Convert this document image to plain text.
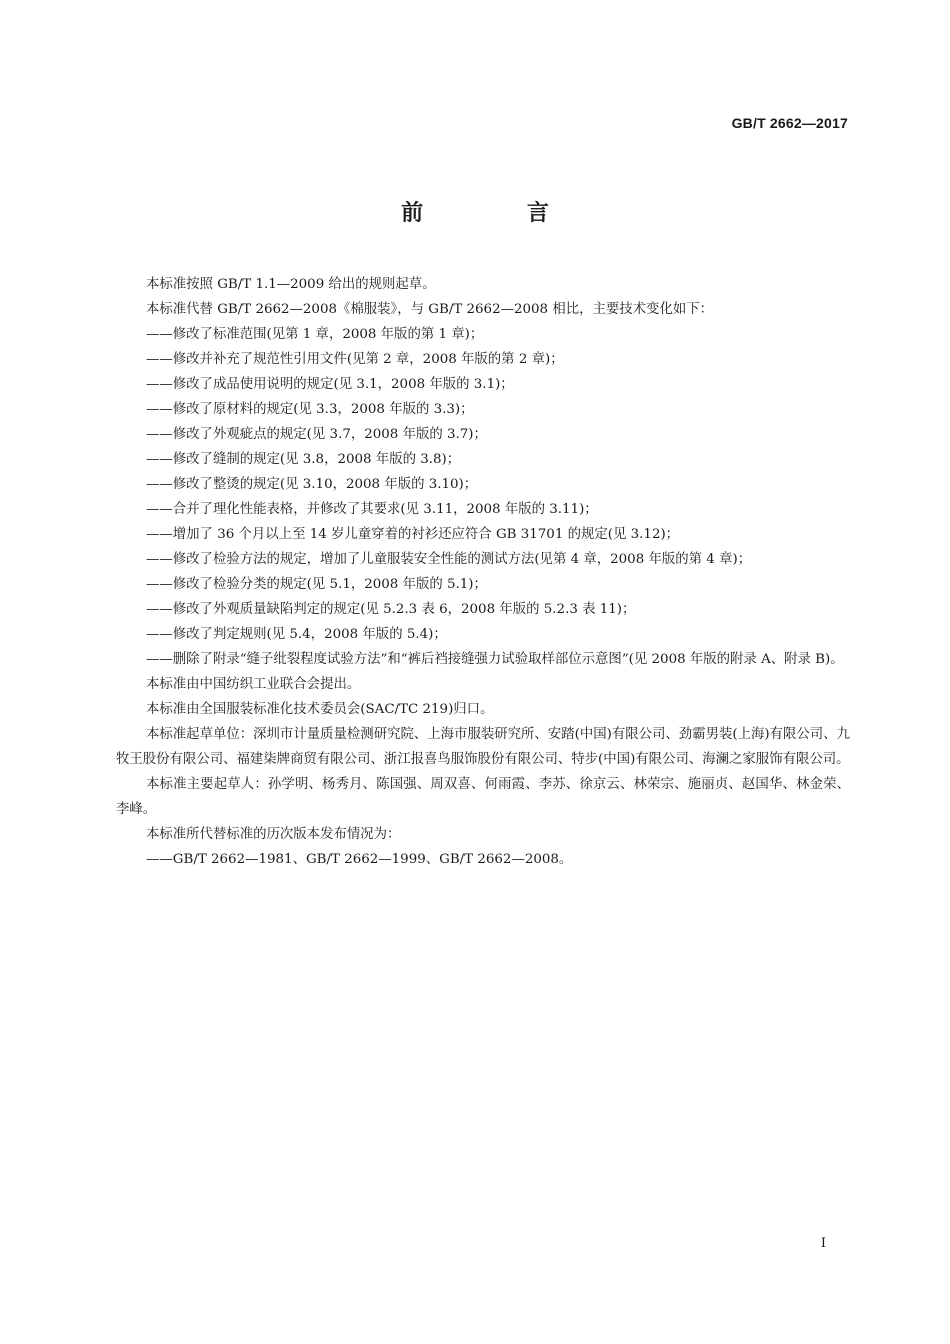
GB/T 2662—2017
前 言

本标准按照 GB/T 1.1—2009 给出的规则起草。

本标准代替 GB/T 2662—2008《棉服装》，与 GB/T 2662—2008 相比，主要技术变化如下：

——修改了标准范围(见第 1 章，2008 年版的第 1 章)；

——修改并补充了规范性引用文件(见第 2 章，2008 年版的第 2 章)；

——修改了成品使用说明的规定(见 3.1，2008 年版的 3.1)；

——修改了原材料的规定(见 3.3，2008 年版的 3.3)；

——修改了外观疵点的规定(见 3.7，2008 年版的 3.7)；

——修改了缝制的规定(见 3.8，2008 年版的 3.8)；

——修改了整烫的规定(见 3.10，2008 年版的 3.10)；

——合并了理化性能表格，并修改了其要求(见 3.11，2008 年版的 3.11)；

——增加了 36 个月以上至 14 岁儿童穿着的衬衫还应符合 GB 31701 的规定(见 3.12)；

——修改了检验方法的规定，增加了儿童服装安全性能的测试方法(见第 4 章，2008 年版的第 4 章)；

——修改了检验分类的规定(见 5.1，2008 年版的 5.1)；

——修改了外观质量缺陷判定的规定(见 5.2.3 表 6，2008 年版的 5.2.3 表 11)；

——修改了判定规则(见 5.4，2008 年版的 5.4)；

——删除了附录“缝子纰裂程度试验方法”和“裤后裆接缝强力试验取样部位示意图”(见 2008 年版的附录 A、附录 B)。

本标准由中国纺织工业联合会提出。

本标准由全国服装标准化技术委员会(SAC/TC 219)归口。

本标准起草单位：深圳市计量质量检测研究院、上海市服装研究所、安踏(中国)有限公司、劲霸男装(上海)有限公司、九牧王股份有限公司、福建柒牌商贸有限公司、浙江报喜鸟服饰股份有限公司、特步(中国)有限公司、海澜之家服饰有限公司。

本标准主要起草人：孙学明、杨秀月、陈国强、周双喜、何雨霞、李苏、徐京云、林荣宗、施丽贞、赵国华、林金荣、李峰。

本标准所代替标准的历次版本发布情况为：

——GB/T 2662—1981、GB/T 2662—1999、GB/T 2662—2008。

I
